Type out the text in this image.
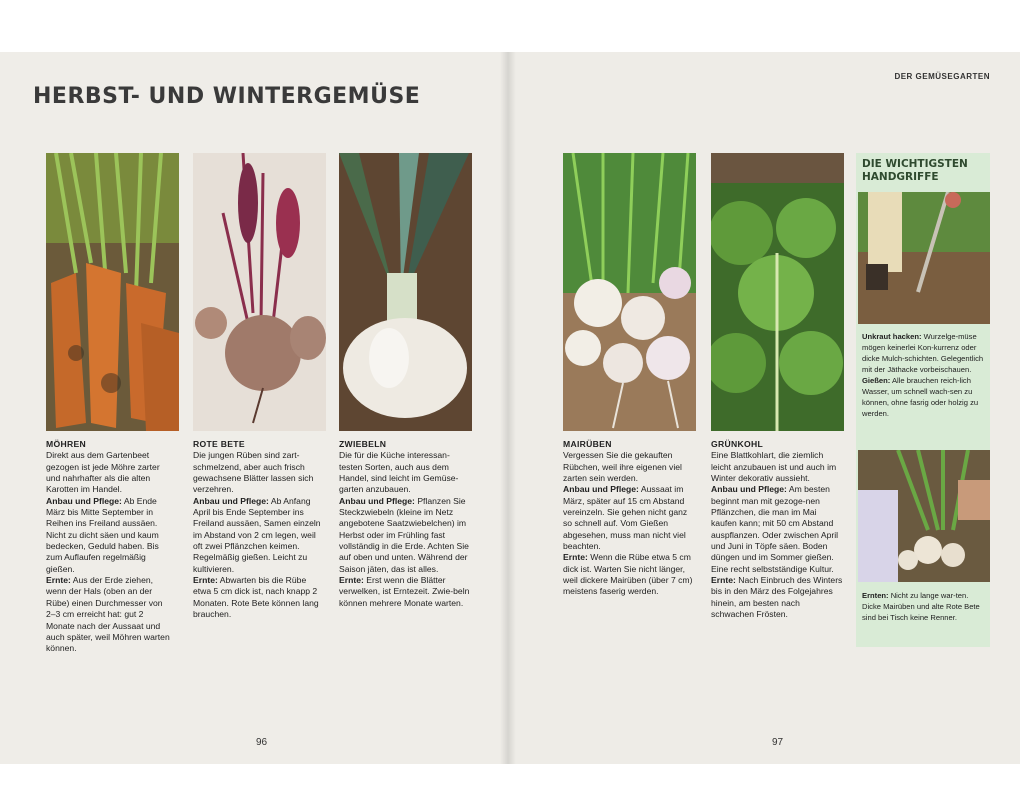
HERBST- UND WINTERGEMÜSE
DER GEMÜSEGARTEN
MÖHREN

Direkt aus dem Gartenbeet gezogen ist jede Möhre zarter und nahrhafter als die alten Karotten im Handel.

Anbau und Pflege: Ab Ende März bis Mitte September in Reihen ins Freiland aussäen. Nicht zu dicht säen und kaum bedecken, Geduld haben. Bis zum Auflaufen regelmäßig gießen.

Ernte: Aus der Erde ziehen, wenn der Hals (oben an der Rübe) einen Durchmesser von 2–3 cm erreicht hat: gut 2 Monate nach der Aussaat und auch später, weil Möhren warten können.

ROTE BETE

Die jungen Rüben sind zart-schmelzend, aber auch frisch gewachsene Blätter lassen sich verzehren.

Anbau und Pflege: Ab Anfang April bis Ende September ins Freiland aussäen, Samen einzeln im Abstand von 2 cm legen, weil oft zwei Pflänzchen keimen. Regelmäßig gießen. Leicht zu kultivieren.

Ernte: Abwarten bis die Rübe etwa 5 cm dick ist, nach knapp 2 Monaten. Rote Bete können lang brauchen.

ZWIEBELN

Die für die Küche interessan-testen Sorten, auch aus dem Handel, sind leicht im Gemüse-garten anzubauen.

Anbau und Pflege: Pflanzen Sie Steckzwiebeln (kleine im Netz angebotene Saatzwiebelchen) im Herbst oder im Frühling fast vollständig in die Erde. Achten Sie auf oben und unten. Während der Saison jäten, das ist alles.

Ernte: Erst wenn die Blätter verwelken, ist Erntezeit. Zwie-beln können mehrere Monate warten.

MAIRÜBEN

Vergessen Sie die gekauften Rübchen, weil ihre eigenen viel zarten sein werden.

Anbau und Pflege: Aussaat im März, später auf 15 cm Abstand vereinzeln. Sie gehen nicht ganz so schnell auf. Vom Gießen abgesehen, muss man nicht viel beachten.

Ernte: Wenn die Rübe etwa 5 cm dick ist. Warten Sie nicht länger, weil dickere Mairüben (über 7 cm) meistens faserig werden.

GRÜNKOHL

Eine Blattkohlart, die ziemlich leicht anzubauen ist und auch im Winter dekorativ aussieht.

Anbau und Pflege: Am besten beginnt man mit gezoge-nen Pflänzchen, die man im Mai kaufen kann; mit 50 cm Abstand auspflanzen. Oder zwischen April und Juni in Töpfe säen. Boden düngen und im Sommer gießen. Eine recht selbstständige Kultur.

Ernte: Nach Einbruch des Winters bis in den März des Folgejahres hinein, am besten nach schwachen Frösten.

DIE WICHTIGSTEN HANDGRIFFE

Unkraut hacken: Wurzelge-müse mögen keinerlei Kon-kurrenz oder dicke Mulch-schichten. Gelegentlich mit der Jäthacke vorbeischauen.

Gießen: Alle brauchen reich-lich Wasser, um schnell wach-sen zu können, ohne fasrig oder holzig zu werden.

Ernten: Nicht zu lange war-ten. Dicke Mairüben und alte Rote Bete sind bei Tisch keine Renner.

96	97
